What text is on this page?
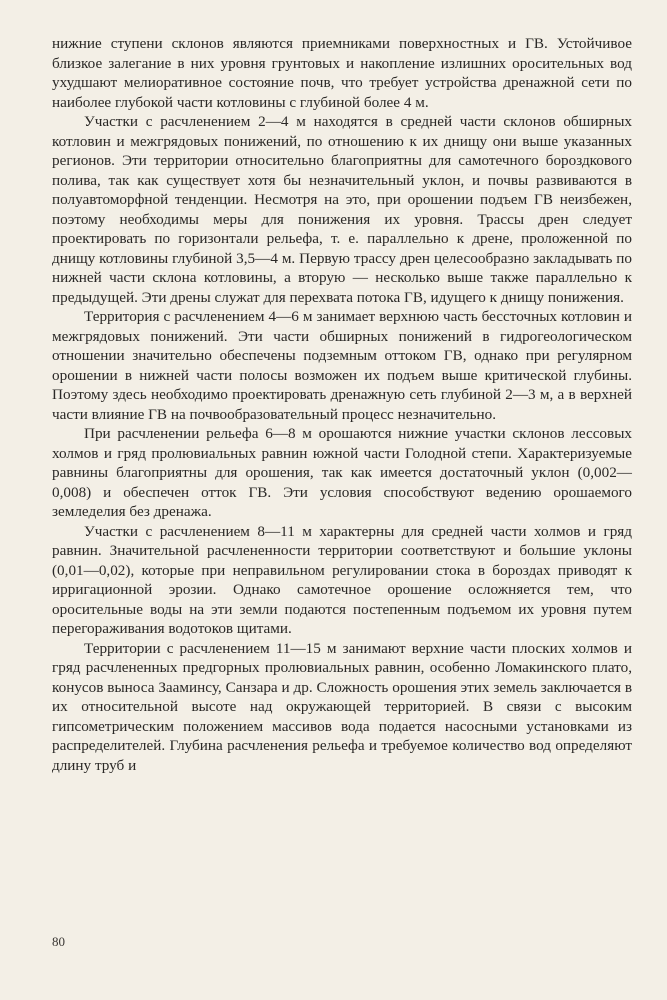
нижние ступени склонов являются приемниками поверхностных и ГВ. Устойчивое близкое залегание в них уровня грунтовых и накопление излишних оросительных вод ухудшают мелиоративное состояние почв, что требует устройства дренажной сети по наиболее глубокой части котловины с глубиной более 4 м.

Участки с расчленением 2—4 м находятся в средней части склонов обширных котловин и межгрядовых понижений, по отношению к их днищу они выше указанных регионов. Эти территории относительно благоприятны для самотечного бороздкового полива, так как существует хотя бы незначительный уклон, и почвы развиваются в полуавтоморфной тенденции. Несмотря на это, при орошении подъем ГВ неизбежен, поэтому необходимы меры для понижения их уровня. Трассы дрен следует проектировать по горизонтали рельефа, т. е. параллельно к дрене, проложенной по днищу котловины глубиной 3,5—4 м. Первую трассу дрен целесообразно закладывать по нижней части склона котловины, а вторую — несколько выше также параллельно к предыдущей. Эти дрены служат для перехвата потока ГВ, идущего к днищу понижения.

Территория с расчленением 4—6 м занимает верхнюю часть бессточных котловин и межгрядовых понижений. Эти части обширных понижений в гидрогеологическом отношении значительно обеспечены подземным оттоком ГВ, однако при регулярном орошении в нижней части полосы возможен их подъем выше критической глубины. Поэтому здесь необходимо проектировать дренажную сеть глубиной 2—3 м, а в верхней части влияние ГВ на почвообразовательный процесс незначительно.

При расчленении рельефа 6—8 м орошаются нижние участки склонов лессовых холмов и гряд пролювиальных равнин южной части Голодной степи. Характеризуемые равнины благоприятны для орошения, так как имеется достаточный уклон (0,002—0,008) и обеспечен отток ГВ. Эти условия способствуют ведению орошаемого земледелия без дренажа.

Участки с расчленением 8—11 м характерны для средней части холмов и гряд равнин. Значительной расчлененности территории соответствуют и большие уклоны (0,01—0,02), которые при неправильном регулировании стока в бороздах приводят к ирригационной эрозии. Однако самотечное орошение осложняется тем, что оросительные воды на эти земли подаются постепенным подъемом их уровня путем перегораживания водотоков щитами.

Территории с расчленением 11—15 м занимают верхние части плоских холмов и гряд расчлененных предгорных пролювиальных равнин, особенно Ломакинского плато, конусов выноса Зааминсу, Санзара и др. Сложность орошения этих земель заключается в их относительной высоте над окружающей территорией. В связи с высоким гипсометрическим положением массивов вода подается насосными установками из распределителей. Глубина расчленения рельефа и требуемое количество вод определяют длину труб и

80
